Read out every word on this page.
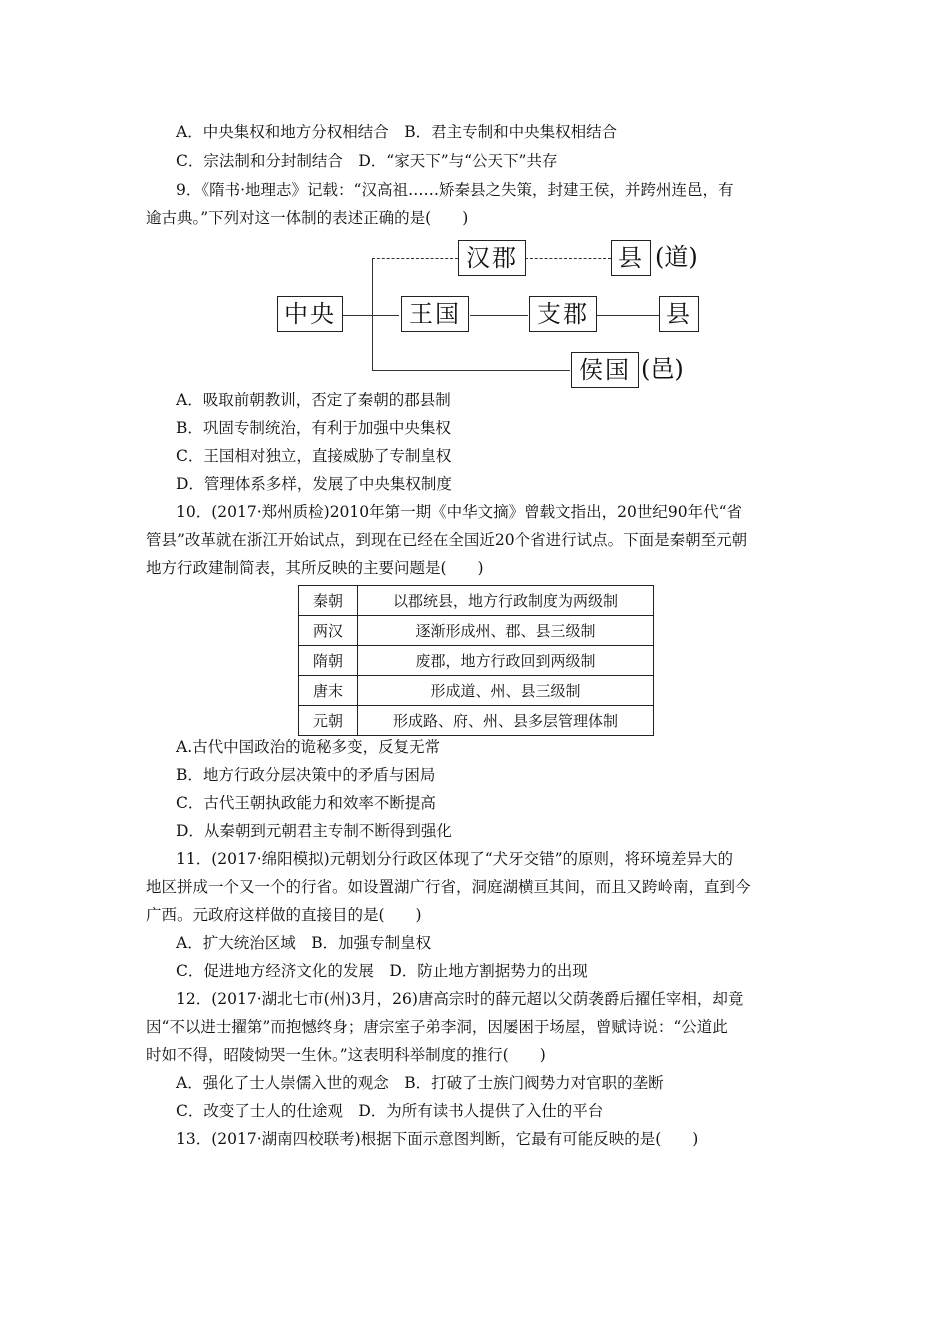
A．中央集权和地方分权相结合　B．君主专制和中央集权相结合
C．宗法制和分封制结合　D．“家天下”与“公天下”共存
9．《隋书·地理志》记载：“汉高祖……矫秦县之失策，封建王侯，并跨州连邑，有
逾古典。”下列对这一体制的表述正确的是(　　)
中央
汉郡	县 (道)
王国	支郡	县
侯国 (邑)
A．吸取前朝教训，否定了秦朝的郡县制
B．巩固专制统治，有利于加强中央集权
C．王国相对独立，直接威胁了专制皇权
D．管理体系多样，发展了中央集权制度
10．(2017·郑州质检)2010年第一期《中华文摘》曾载文指出，20世纪90年代“省
管县”改革就在浙江开始试点，到现在已经在全国近20个省进行试点。下面是秦朝至元朝
地方行政建制简表，其所反映的主要问题是(　　)
秦朝	以郡统县，地方行政制度为两级制
两汉	逐渐形成州、郡、县三级制
隋朝	废郡，地方行政回到两级制
唐末	形成道、州、县三级制
元朝	形成路、府、州、县多层管理体制
A.古代中国政治的诡秘多变，反复无常
B．地方行政分层决策中的矛盾与困局
C．古代王朝执政能力和效率不断提高
D．从秦朝到元朝君主专制不断得到强化
11．(2017·绵阳模拟)元朝划分行政区体现了“犬牙交错”的原则，将环境差异大的
地区拼成一个又一个的行省。如设置湖广行省，洞庭湖横亘其间，而且又跨岭南，直到今
广西。元政府这样做的直接目的是(　　)
A．扩大统治区域　B．加强专制皇权
C．促进地方经济文化的发展　D．防止地方割据势力的出现
12．(2017·湖北七市(州)3月，26)唐高宗时的薛元超以父荫袭爵后擢任宰相，却竟
因“不以进士擢第”而抱憾终身；唐宗室子弟李洞，因屡困于场屋，曾赋诗说：“公道此
时如不得，昭陵恸哭一生休。”这表明科举制度的推行(　　)
A．强化了士人崇儒入世的观念　B．打破了士族门阀势力对官职的垄断
C．改变了士人的仕途观　D．为所有读书人提供了入仕的平台
13．(2017·湖南四校联考)根据下面示意图判断，它最有可能反映的是(　　)
